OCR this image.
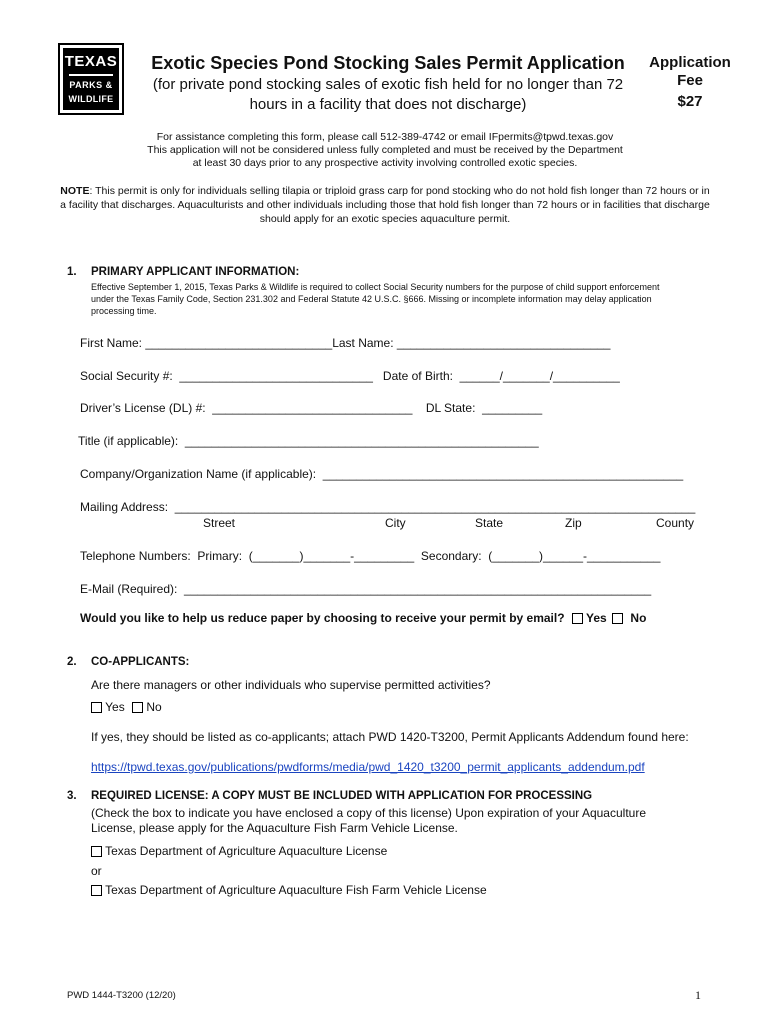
TEXAS
PARKS &
WILDLIFE
Exotic Species Pond Stocking Sales Permit Application
(for private pond stocking sales of exotic fish held for no longer than 72 hours in a facility that does not discharge)
Application
Fee
$27
For assistance completing this form, please call 512-389-4742 or email IFpermits@tpwd.texas.gov
This application will not be considered unless fully completed and must be received by the Department
at least 30 days prior to any prospective activity involving controlled exotic species.
NOTE: This permit is only for individuals selling tilapia or triploid grass carp for pond stocking who do not hold fish longer than 72 hours or in a facility that discharges. Aquaculturists and other individuals including those that hold fish longer than 72 hours or in facilities that discharge should apply for an exotic species aquaculture permit.
1. PRIMARY APPLICANT INFORMATION:
Effective September 1, 2015, Texas Parks & Wildlife is required to collect Social Security numbers for the purpose of child support enforcement under the Texas Family Code, Section 231.302 and Federal Statute 42 U.S.C. §666. Missing or incomplete information may delay application processing time.
First Name: ____________________________Last Name: ________________________________
Social Security #:  _____________________________   Date of Birth:  ______/_______/__________
Driver’s License (DL) #:  ______________________________    DL State:  _________
Title (if applicable):  _____________________________________________________
Company/Organization Name (if applicable):  ______________________________________________________
Mailing Address:  ______________________________________________________________________________
Street	City	State	Zip	County
Telephone Numbers:  Primary:  (_______)_______-_________  Secondary:  (_______)______-___________
E-Mail (Required):  ______________________________________________________________________
Would you like to help us reduce paper by choosing to receive your permit by email? Yes No
2. CO-APPLICANTS:
Are there managers or other individuals who supervise permitted activities?
Yes No
If yes, they should be listed as co-applicants; attach PWD 1420-T3200, Permit Applicants Addendum found here:
https://tpwd.texas.gov/publications/pwdforms/media/pwd_1420_t3200_permit_applicants_addendum.pdf
3. REQUIRED LICENSE: A COPY MUST BE INCLUDED WITH APPLICATION FOR PROCESSING
(Check the box to indicate you have enclosed a copy of this license) Upon expiration of your Aquaculture License, please apply for the Aquaculture Fish Farm Vehicle License.
Texas Department of Agriculture Aquaculture License
or
Texas Department of Agriculture Aquaculture Fish Farm Vehicle License
PWD 1444-T3200 (12/20)	1
